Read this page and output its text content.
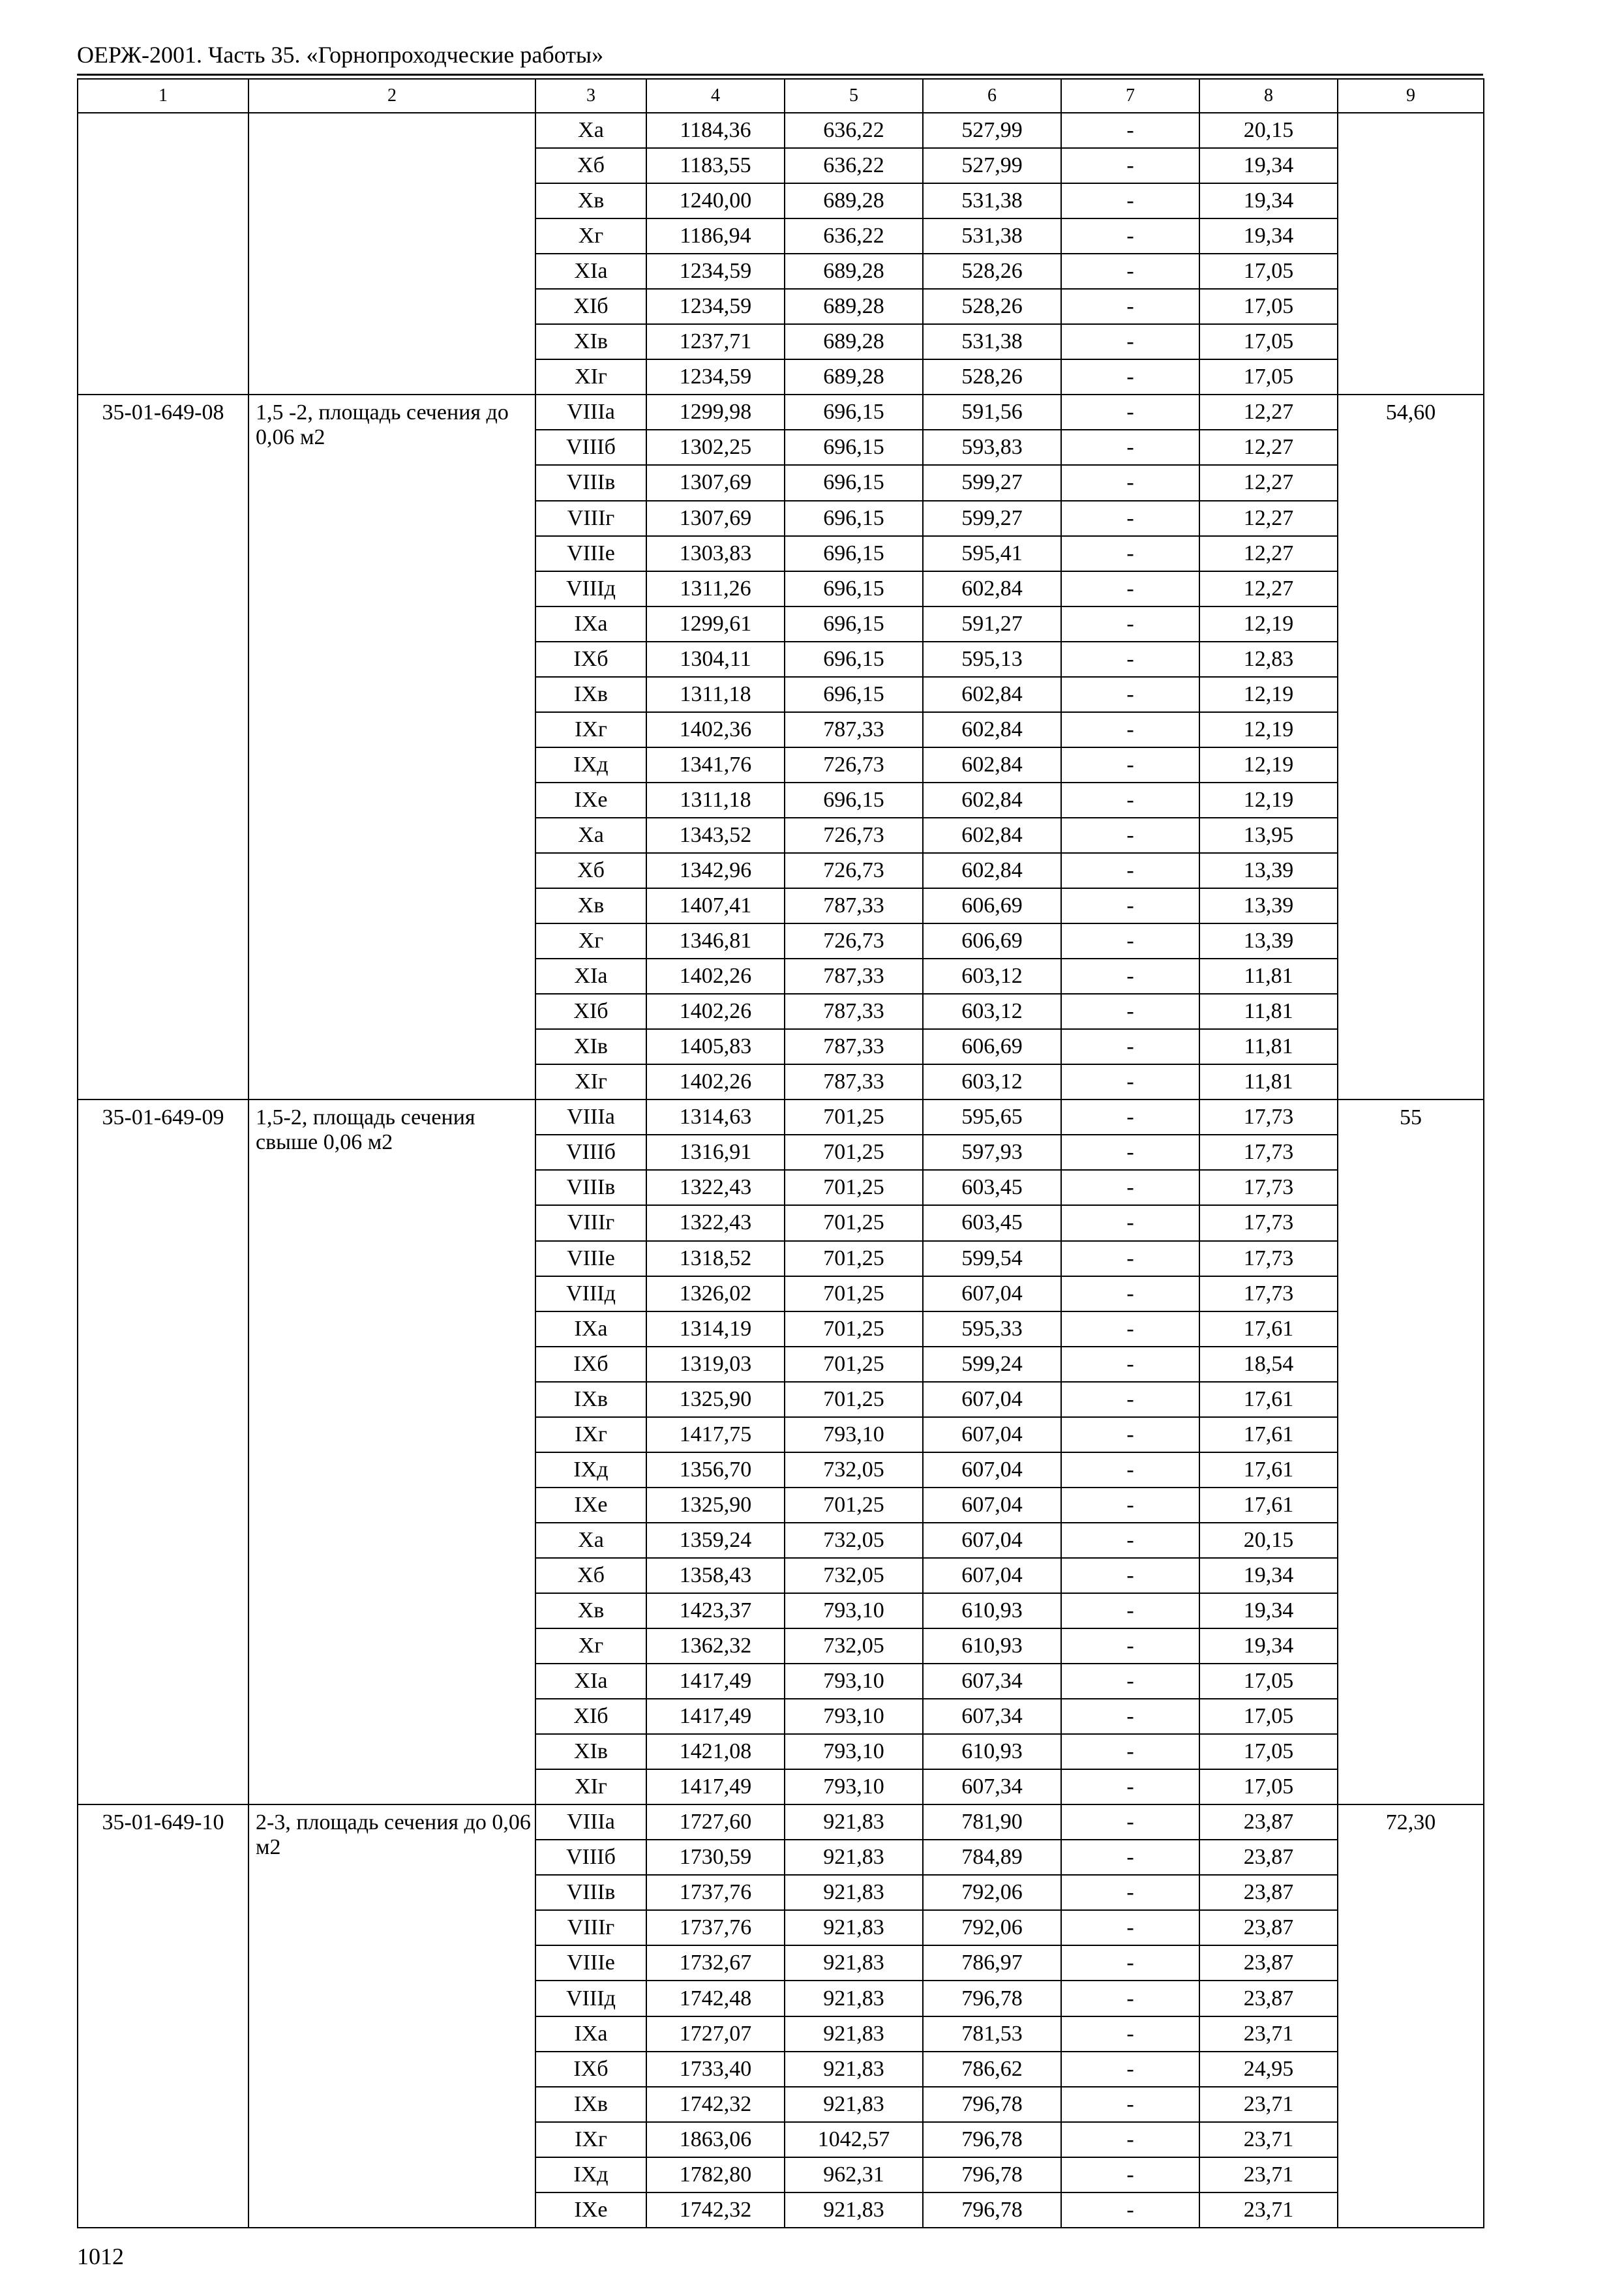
ОЕРЖ-2001. Часть 35. «Горнопроходческие работы»
1	2	3	4	5	6	7	8	9
		Xа	1184,36	636,22	527,99	-	20,15	
		Xб	1183,55	636,22	527,99	-	19,34	
		Xв	1240,00	689,28	531,38	-	19,34	
		Xг	1186,94	636,22	531,38	-	19,34	
		XIа	1234,59	689,28	528,26	-	17,05	
		XIб	1234,59	689,28	528,26	-	17,05	
		XIв	1237,71	689,28	531,38	-	17,05	
		XIг	1234,59	689,28	528,26	-	17,05	
35-01-649-08	1,5 -2, площадь сечения до 0,06 м2	VIIIа	1299,98	696,15	591,56	-	12,27	54,60
		VIIIб	1302,25	696,15	593,83	-	12,27	
		VIIIв	1307,69	696,15	599,27	-	12,27	
		VIIIг	1307,69	696,15	599,27	-	12,27	
		VIIIе	1303,83	696,15	595,41	-	12,27	
		VIIIд	1311,26	696,15	602,84	-	12,27	
		IXа	1299,61	696,15	591,27	-	12,19	
		IXб	1304,11	696,15	595,13	-	12,83	
		IXв	1311,18	696,15	602,84	-	12,19	
		IXг	1402,36	787,33	602,84	-	12,19	
		IXд	1341,76	726,73	602,84	-	12,19	
		IXе	1311,18	696,15	602,84	-	12,19	
		Xа	1343,52	726,73	602,84	-	13,95	
		Xб	1342,96	726,73	602,84	-	13,39	
		Xв	1407,41	787,33	606,69	-	13,39	
		Xг	1346,81	726,73	606,69	-	13,39	
		XIа	1402,26	787,33	603,12	-	11,81	
		XIб	1402,26	787,33	603,12	-	11,81	
		XIв	1405,83	787,33	606,69	-	11,81	
		XIг	1402,26	787,33	603,12	-	11,81	
35-01-649-09	1,5-2, площадь сечения свыше 0,06 м2	VIIIа	1314,63	701,25	595,65	-	17,73	55
		VIIIб	1316,91	701,25	597,93	-	17,73	
		VIIIв	1322,43	701,25	603,45	-	17,73	
		VIIIг	1322,43	701,25	603,45	-	17,73	
		VIIIе	1318,52	701,25	599,54	-	17,73	
		VIIIд	1326,02	701,25	607,04	-	17,73	
		IXа	1314,19	701,25	595,33	-	17,61	
		IXб	1319,03	701,25	599,24	-	18,54	
		IXв	1325,90	701,25	607,04	-	17,61	
		IXг	1417,75	793,10	607,04	-	17,61	
		IXд	1356,70	732,05	607,04	-	17,61	
		IXе	1325,90	701,25	607,04	-	17,61	
		Xа	1359,24	732,05	607,04	-	20,15	
		Xб	1358,43	732,05	607,04	-	19,34	
		Xв	1423,37	793,10	610,93	-	19,34	
		Xг	1362,32	732,05	610,93	-	19,34	
		XIа	1417,49	793,10	607,34	-	17,05	
		XIб	1417,49	793,10	607,34	-	17,05	
		XIв	1421,08	793,10	610,93	-	17,05	
		XIг	1417,49	793,10	607,34	-	17,05	
35-01-649-10	2-3, площадь сечения до 0,06 м2	VIIIа	1727,60	921,83	781,90	-	23,87	72,30
		VIIIб	1730,59	921,83	784,89	-	23,87	
		VIIIв	1737,76	921,83	792,06	-	23,87	
		VIIIг	1737,76	921,83	792,06	-	23,87	
		VIIIе	1732,67	921,83	786,97	-	23,87	
		VIIIд	1742,48	921,83	796,78	-	23,87	
		IXа	1727,07	921,83	781,53	-	23,71	
		IXб	1733,40	921,83	786,62	-	24,95	
		IXв	1742,32	921,83	796,78	-	23,71	
		IXг	1863,06	1042,57	796,78	-	23,71	
		IXд	1782,80	962,31	796,78	-	23,71	
		IXе	1742,32	921,83	796,78	-	23,71	
1012
